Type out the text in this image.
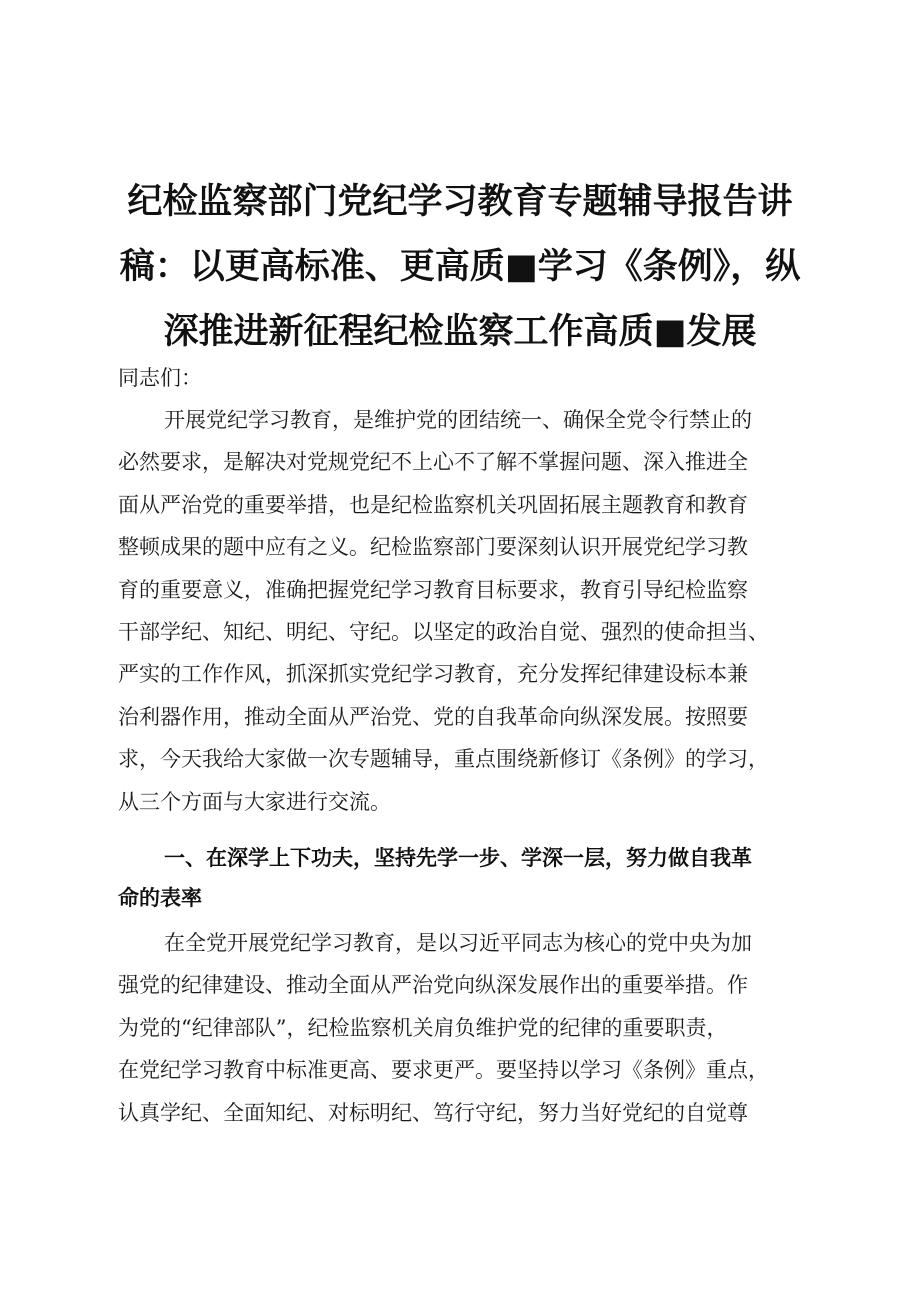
纪检监察部门党纪学习教育专题辅导报告讲
稿：以更高标准、更高质■学习《条例》，纵
深推进新征程纪检监察工作高质■发展
同志们：
开展党纪学习教育，是维护党的团结统一、确保全党令行禁止的
必然要求，是解决对党规党纪不上心不了解不掌握问题、深入推进全
面从严治党的重要举措，也是纪检监察机关巩固拓展主题教育和教育
整顿成果的题中应有之义。纪检监察部门要深刻认识开展党纪学习教
育的重要意义，准确把握党纪学习教育目标要求，教育引导纪检监察
干部学纪、知纪、明纪、守纪。以坚定的政治自觉、强烈的使命担当、
严实的工作作风，抓深抓实党纪学习教育，充分发挥纪律建设标本兼
治利器作用，推动全面从严治党、党的自我革命向纵深发展。按照要
求，今天我给大家做一次专题辅导，重点围绕新修订《条例》的学习，
从三个方面与大家进行交流。
一、在深学上下功夫，坚持先学一步、学深一层，努力做自我革
命的表率
在全党开展党纪学习教育，是以习近平同志为核心的党中央为加
强党的纪律建设、推动全面从严治党向纵深发展作出的重要举措。作
为党的“纪律部队”，纪检监察机关肩负维护党的纪律的重要职责，
在党纪学习教育中标准更高、要求更严。要坚持以学习《条例》重点，
认真学纪、全面知纪、对标明纪、笃行守纪，努力当好党纪的自觉尊
